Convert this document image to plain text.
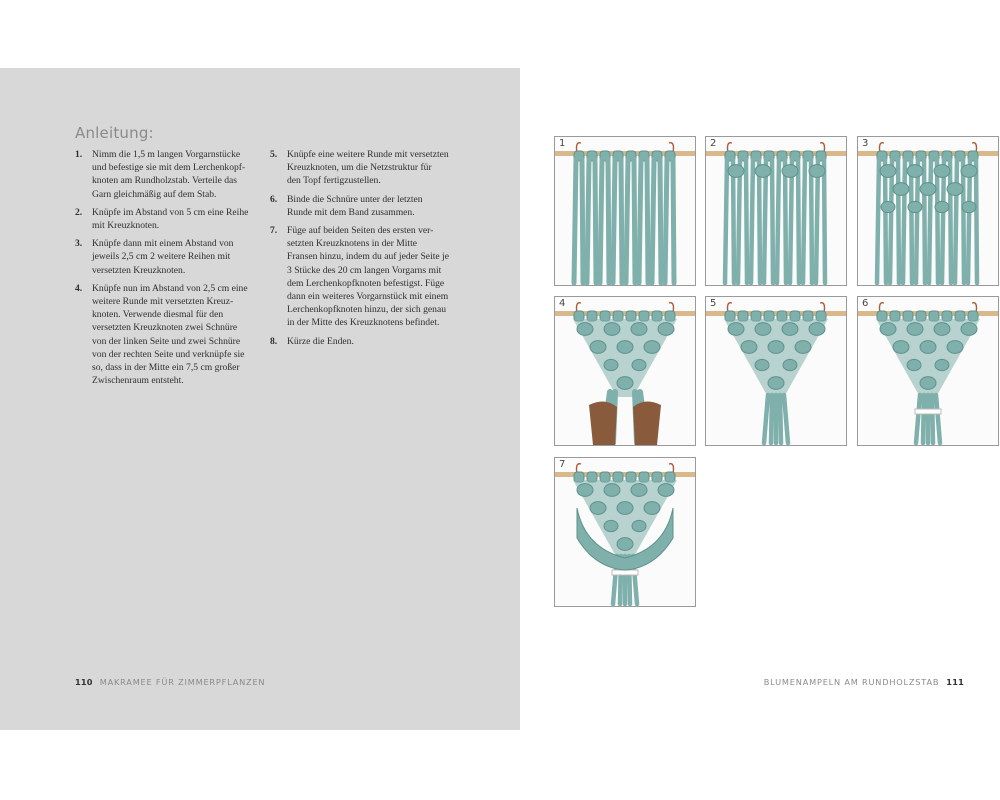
Anleitung:
1. Nimm die 1,5 m langen Vorgarnstücke
und befestige sie mit dem Lerchenkopf-
knoten am Rundholzstab. Verteile das
Garn gleichmäßig auf dem Stab.
2. Knüpfe im Abstand von 5 cm eine Reihe
mit Kreuzknoten.
3. Knüpfe dann mit einem Abstand von
jeweils 2,5 cm 2 weitere Reihen mit
versetzten Kreuzknoten.
4. Knüpfe nun im Abstand von 2,5 cm eine
weitere Runde mit versetzten Kreuz-
knoten. Verwende diesmal für den
versetzten Kreuzknoten zwei Schnüre
von der linken Seite und zwei Schnüre
von der rechten Seite und verknüpfe sie
so, dass in der Mitte ein 7,5 cm großer
Zwischenraum entsteht.
5. Knüpfe eine weitere Runde mit versetzten
Kreuzknoten, um die Netzstruktur für
den Topf fertigzustellen.
6. Binde die Schnüre unter der letzten
Runde mit dem Band zusammen.
7. Füge auf beiden Seiten des ersten ver-
setzten Kreuzknotens in der Mitte
Fransen hinzu, indem du auf jeder Seite je
3 Stücke des 20 cm langen Vorgarns mit
dem Lerchenkopfknoten befestigst. Füge
dann ein weiteres Vorgarnstück mit einem
Lerchenkopfknoten hinzu, der sich genau
in der Mitte des Kreuzknotens befindet.
8. Kürze die Enden.
110 MAKRAMEE FÜR ZIMMERPFLANZEN
1	2	3
4	5	6
7
BLUMENAMPELN AM RUNDHOLZSTAB 111
